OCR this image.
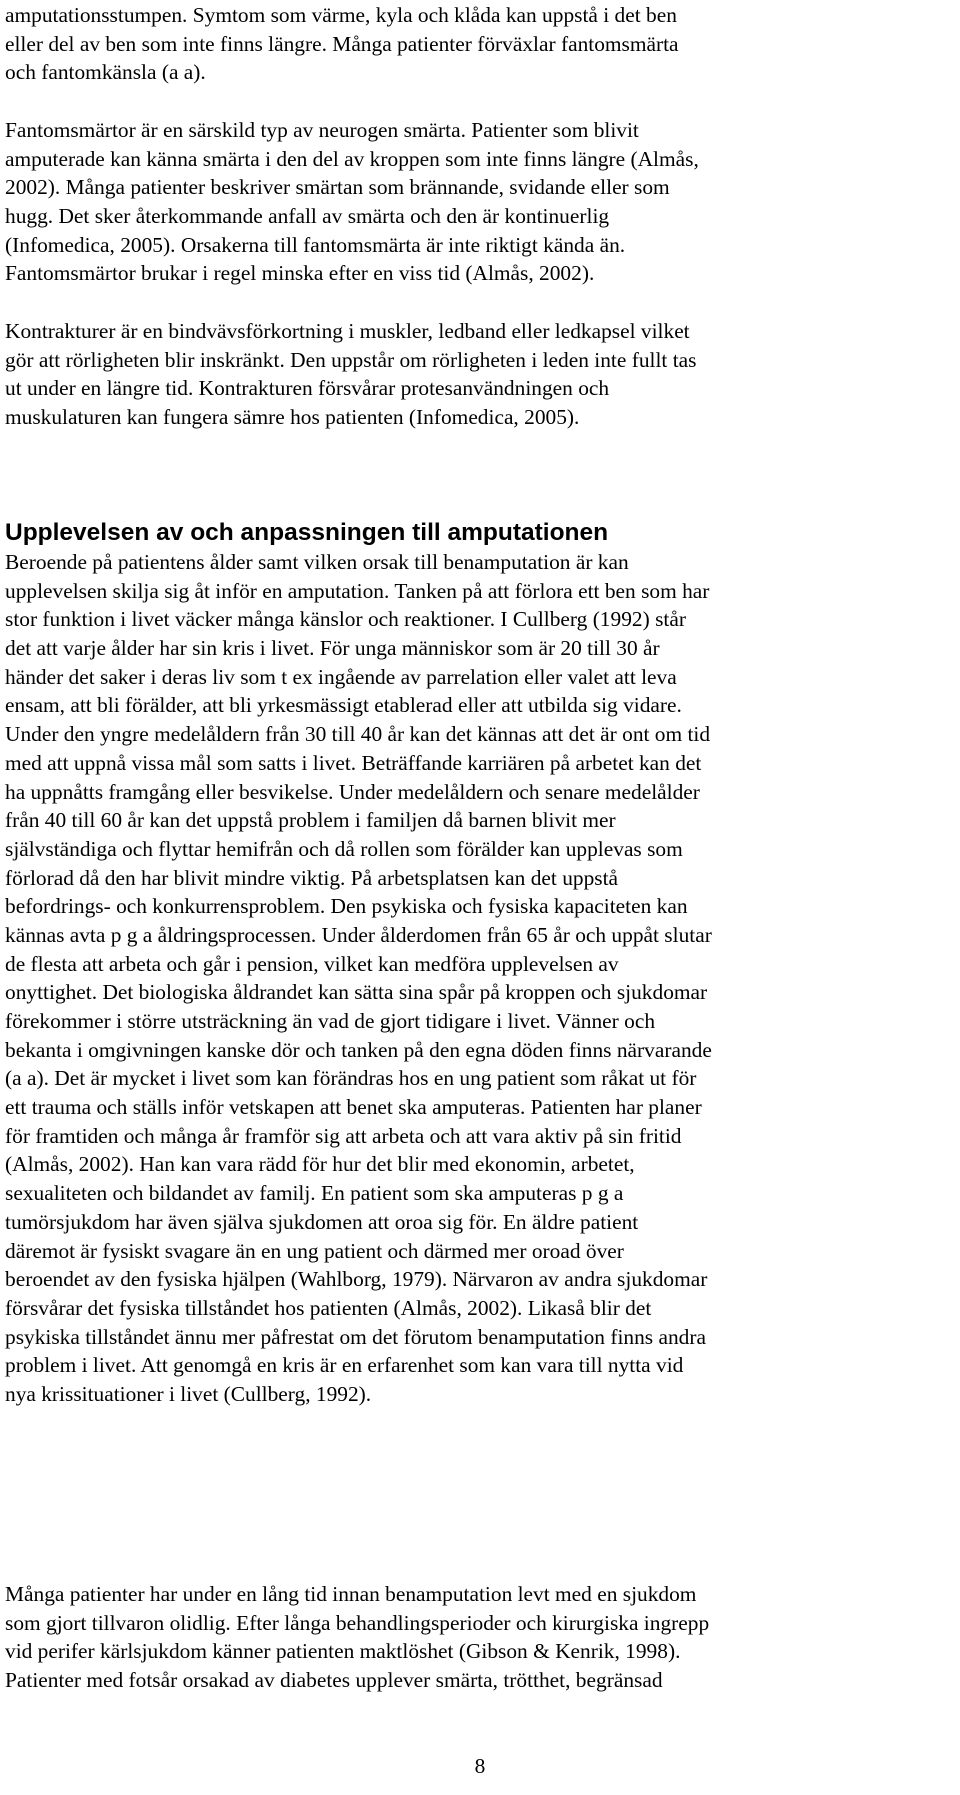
amputationsstumpen. Symtom som värme, kyla och klåda kan uppstå i det ben
eller del av ben som inte finns längre. Många patienter förväxlar fantomsmärta
och fantomkänsla (a a).
Fantomsmärtor är en särskild typ av neurogen smärta. Patienter som blivit
amputerade kan känna smärta i den del av kroppen som inte finns längre (Almås,
2002). Många patienter beskriver smärtan som brännande, svidande eller som
hugg. Det sker återkommande anfall av smärta och den är kontinuerlig
(Infomedica, 2005). Orsakerna till fantomsmärta är inte riktigt kända än.
Fantomsmärtor brukar i regel minska efter en viss tid (Almås, 2002).
Kontrakturer är en bindvävsförkortning i muskler, ledband eller ledkapsel vilket
gör att rörligheten blir inskränkt. Den uppstår om rörligheten i leden inte fullt tas
ut under en längre tid. Kontrakturen försvårar protesanvändningen och
muskulaturen kan fungera sämre hos patienten (Infomedica, 2005).
Upplevelsen av och anpassningen till amputationen
Beroende på patientens ålder samt vilken orsak till benamputation är kan
upplevelsen skilja sig åt inför en amputation. Tanken på att förlora ett ben som har
stor funktion i livet väcker många känslor och reaktioner. I Cullberg (1992) står
det att varje ålder har sin kris i livet. För unga människor som är 20 till 30 år
händer det saker i deras liv som t ex ingående av parrelation eller valet att leva
ensam, att bli förälder, att bli yrkesmässigt etablerad eller att utbilda sig vidare.
Under den yngre medelåldern från 30 till 40 år kan det kännas att det är ont om tid
med att uppnå vissa mål som satts i livet. Beträffande karriären på arbetet kan det
ha uppnåtts framgång eller besvikelse. Under medelåldern och senare medelålder
från 40 till 60 år kan det uppstå problem i familjen då barnen blivit mer
självständiga och flyttar hemifrån och då rollen som förälder kan upplevas som
förlorad då den har blivit mindre viktig. På arbetsplatsen kan det uppstå
befordrings- och konkurrensproblem. Den psykiska och fysiska kapaciteten kan
kännas avta p g a åldringsprocessen. Under ålderdomen från 65 år och uppåt slutar
de flesta att arbeta och går i pension, vilket kan medföra upplevelsen av
onyttighet. Det biologiska åldrandet kan sätta sina spår på kroppen och sjukdomar
förekommer i större utsträckning än vad de gjort tidigare i livet. Vänner och
bekanta i omgivningen kanske dör och tanken på den egna döden finns närvarande
(a a). Det är mycket i livet som kan förändras hos en ung patient som råkat ut för
ett trauma och ställs inför vetskapen att benet ska amputeras. Patienten har planer
för framtiden och många år framför sig att arbeta och att vara aktiv på sin fritid
(Almås, 2002). Han kan vara rädd för hur det blir med ekonomin, arbetet,
sexualiteten och bildandet av familj. En patient som ska amputeras p g a
tumörsjukdom har även själva sjukdomen att oroa sig för. En äldre patient
däremot är fysiskt svagare än en ung patient och därmed mer oroad över
beroendet av den fysiska hjälpen (Wahlborg, 1979). Närvaron av andra sjukdomar
försvårar det fysiska tillståndet hos patienten (Almås, 2002). Likaså blir det
psykiska tillståndet ännu mer påfrestat om det förutom benamputation finns andra
problem i livet. Att genomgå en kris är en erfarenhet som kan vara till nytta vid
nya krissituationer i livet (Cullberg, 1992).
Många patienter har under en lång tid innan benamputation levt med en sjukdom
som gjort tillvaron olidlig. Efter långa behandlingsperioder och kirurgiska ingrepp
vid perifer kärlsjukdom känner patienten maktlöshet (Gibson & Kenrik, 1998).
Patienter med fotsår orsakad av diabetes upplever smärta, trötthet, begränsad
8
